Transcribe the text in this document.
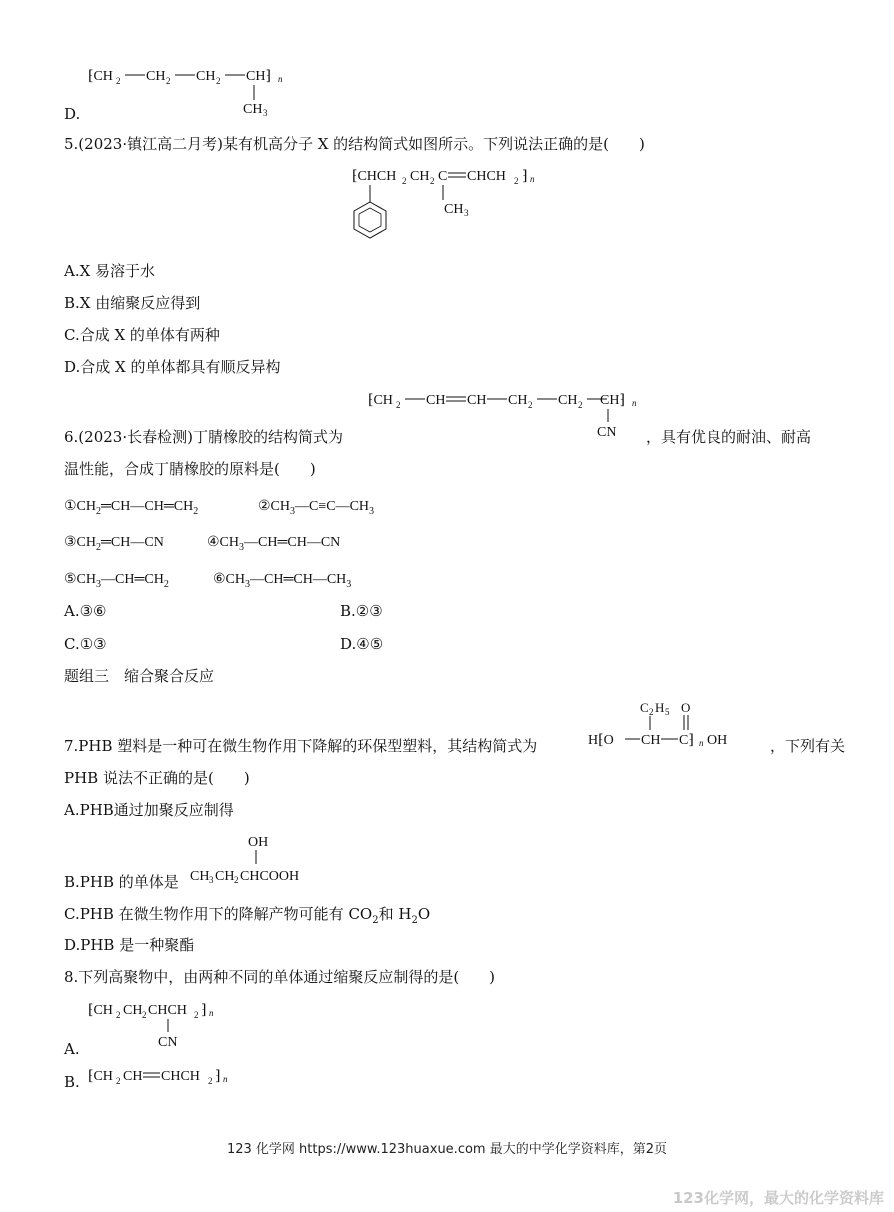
⁅CH 2 CH 2 CH 2 CH⁆ n
CH 3
D.
5.(2023·镇江高二月考)某有机高分子 X 的结构简式如图所示。下列说法正确的是(　　)
⁅CHCH 2 CH 2 C CHCH 2 ⁆ n
CH 3
A.X 易溶于水
B.X 由缩聚反应得到
C.合成 X 的单体有两种
D.合成 X 的单体都具有顺反异构
⁅CH 2 CH CH CH 2 CH 2 CH⁆ n
CN
6.(2023·长春检测)丁腈橡胶的结构简式为	，具有优良的耐油、耐高
温性能，合成丁腈橡胶的原料是(　　)
$①CH_2═CH—CH═CH_2$	$②CH_3—C\equiv C—CH_3$
$③CH_2═CH—CN$	$④CH_3—CH═CH—CN$
$⑤CH_3—CH═CH_2$	$⑥CH_3—CH═CH—CH_3$
A.③⑥	B.②③
C.①③	D.④⑤
题组三　缩合聚合反应
C 2 H 5 O
H⁅O CH C⁆ n OH
7.PHB 塑料是一种可在微生物作用下降解的环保型塑料，其结构简式为	，下列有关
PHB 说法不正确的是(　　)
A.PHB通过加聚反应制得
OH
CH 3 CH 2 CHCOOH
B.PHB 的单体是
C.PHB 在微生物作用下的降解产物可能有 $CO_2$和 $H_2O$
D.PHB 是一种聚酯
8.下列高聚物中，由两种不同的单体通过缩聚反应制得的是(　　)
⁅CH 2 CH 2 CHCH 2 ⁆ n
CN
A.
B. ⁅CH 2 CH CHCH 2 ⁆ n
123 化学网 https://www.123huaxue.com 最大的中学化学资料库，第2页
123化学网，最大的化学资料库
